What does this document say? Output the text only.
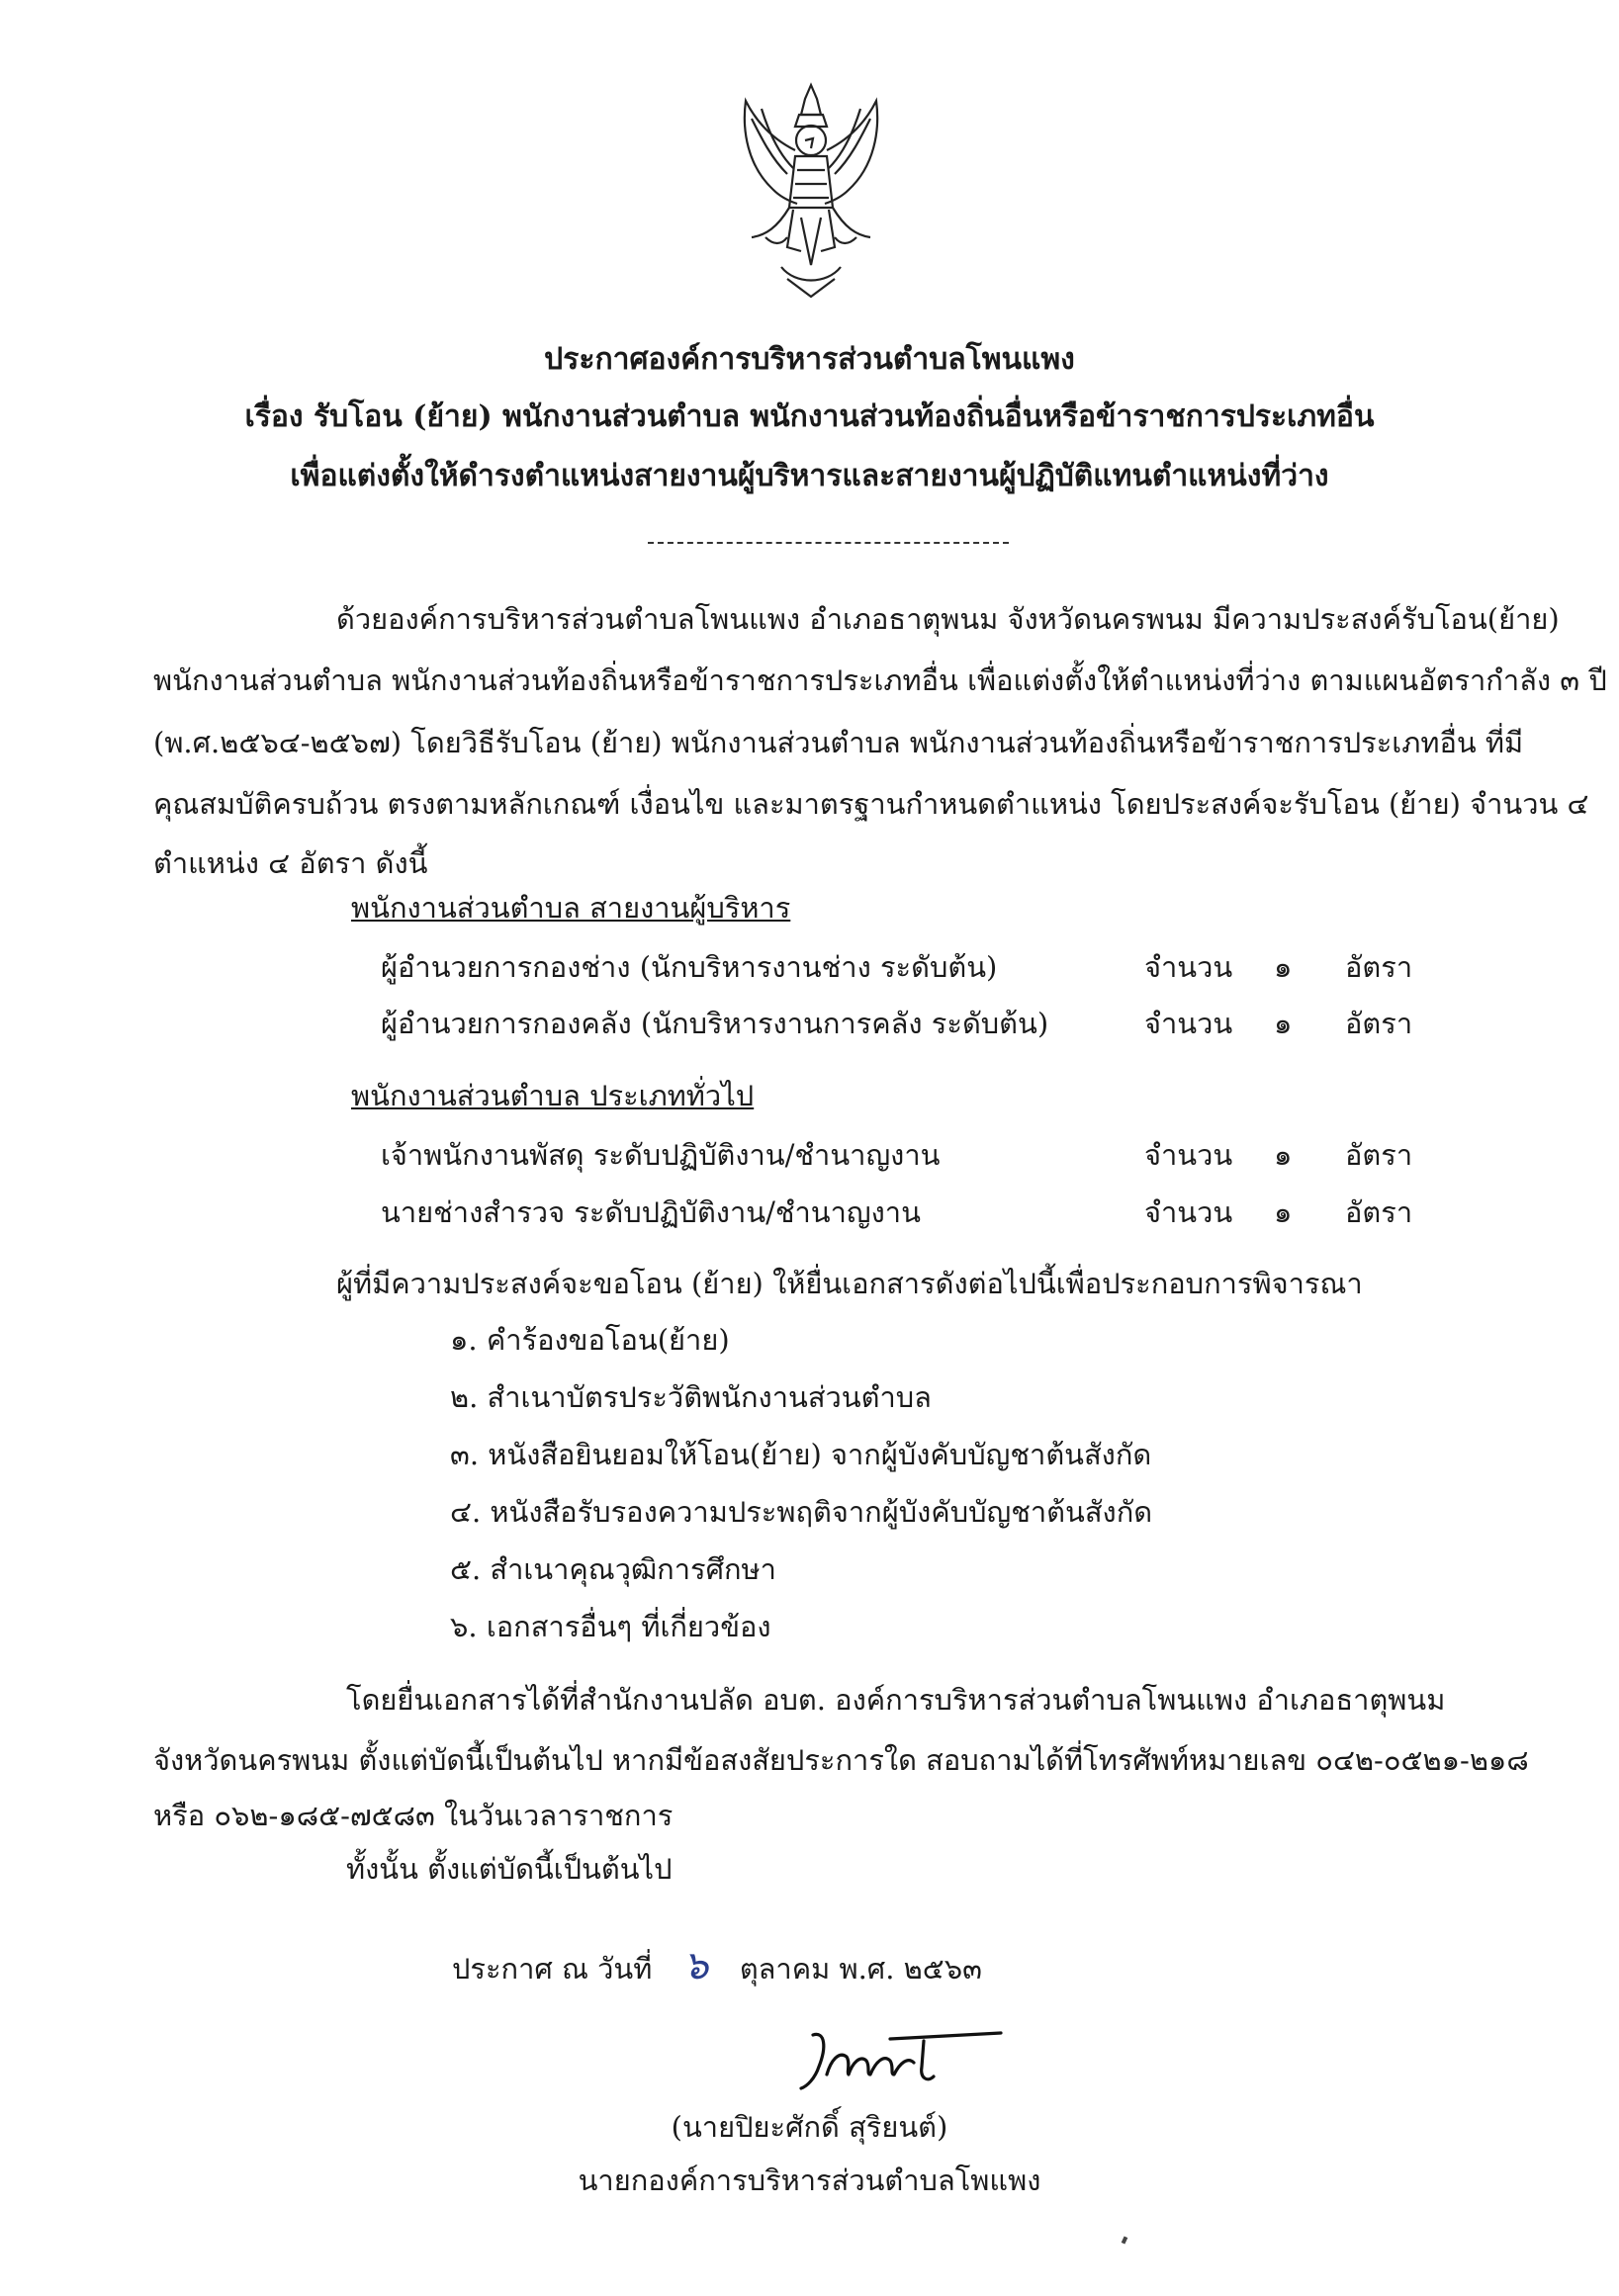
ประกาศองค์การบริหารส่วนตำบลโพนแพง
เรื่อง รับโอน (ย้าย) พนักงานส่วนตำบล พนักงานส่วนท้องถิ่นอื่นหรือข้าราชการประเภทอื่น
เพื่อแต่งตั้งให้ดำรงตำแหน่งสายงานผู้บริหารและสายงานผู้ปฏิบัติแทนตำแหน่งที่ว่าง
ด้วยองค์การบริหารส่วนตำบลโพนแพง อำเภอธาตุพนม จังหวัดนครพนม มีความประสงค์รับโอน(ย้าย)
พนักงานส่วนตำบล พนักงานส่วนท้องถิ่นหรือข้าราชการประเภทอื่น เพื่อแต่งตั้งให้ตำแหน่งที่ว่าง ตามแผนอัตรากำลัง ๓ ปี
(พ.ศ.๒๕๖๔-๒๕๖๗) โดยวิธีรับโอน (ย้าย) พนักงานส่วนตำบล พนักงานส่วนท้องถิ่นหรือข้าราชการประเภทอื่น ที่มี
คุณสมบัติครบถ้วน ตรงตามหลักเกณฑ์ เงื่อนไข และมาตรฐานกำหนดตำแหน่ง โดยประสงค์จะรับโอน (ย้าย) จำนวน ๔
ตำแหน่ง ๔ อัตรา ดังนี้
พนักงานส่วนตำบล สายงานผู้บริหาร
ผู้อำนวยการกองช่าง (นักบริหารงานช่าง ระดับต้น)	จำนวน ๑ อัตรา
ผู้อำนวยการกองคลัง (นักบริหารงานการคลัง ระดับต้น)	จำนวน ๑ อัตรา
พนักงานส่วนตำบล ประเภททั่วไป
เจ้าพนักงานพัสดุ ระดับปฏิบัติงาน/ชำนาญงาน	จำนวน ๑ อัตรา
นายช่างสำรวจ ระดับปฏิบัติงาน/ชำนาญงาน	จำนวน ๑ อัตรา
ผู้ที่มีความประสงค์จะขอโอน (ย้าย) ให้ยื่นเอกสารดังต่อไปนี้เพื่อประกอบการพิจารณา
๑. คำร้องขอโอน(ย้าย)
๒. สำเนาบัตรประวัติพนักงานส่วนตำบล
๓. หนังสือยินยอมให้โอน(ย้าย) จากผู้บังคับบัญชาต้นสังกัด
๔. หนังสือรับรองความประพฤติจากผู้บังคับบัญชาต้นสังกัด
๕. สำเนาคุณวุฒิการศึกษา
๖. เอกสารอื่นๆ ที่เกี่ยวข้อง
โดยยื่นเอกสารได้ที่สำนักงานปลัด อบต. องค์การบริหารส่วนตำบลโพนแพง อำเภอธาตุพนม
จังหวัดนครพนม ตั้งแต่บัดนี้เป็นต้นไป หากมีข้อสงสัยประการใด สอบถามได้ที่โทรศัพท์หมายเลข ๐๔๒-๐๕๒๑-๒๑๘
หรือ ๐๖๒-๑๘๕-๗๕๘๓ ในวันเวลาราชการ
ทั้งนั้น ตั้งแต่บัดนี้เป็นต้นไป
ประกาศ ณ วันที่ ๖ ตุลาคม พ.ศ. ๒๕๖๓
(นายปิยะศักดิ์ สุริยนต์)
นายกองค์การบริหารส่วนตำบลโพแพง
